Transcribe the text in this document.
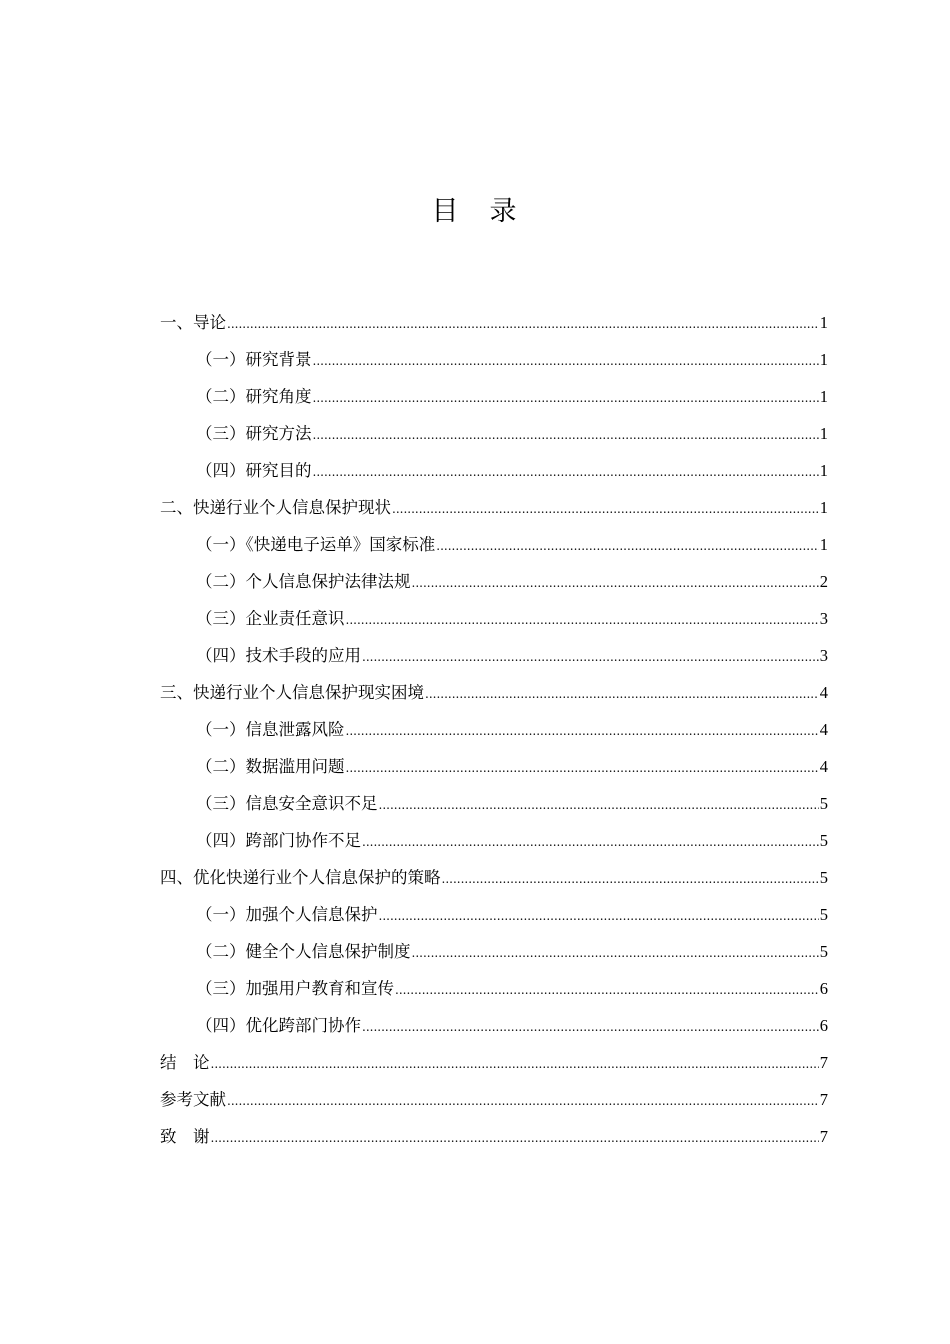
目　录
一、导论 .....	1
（一）研究背景 .....	1
（二）研究角度 .....	1
（三）研究方法 .....	1
（四）研究目的 .....	1
二、快递行业个人信息保护现状 .....	1
（一）《快递电子运单》国家标准 .....	1
（二）个人信息保护法律法规 .....	2
（三）企业责任意识 .....	3
（四）技术手段的应用 .....	3
三、快递行业个人信息保护现实困境 .....	4
（一）信息泄露风险 .....	4
（二）数据滥用问题 .....	4
（三）信息安全意识不足 .....	5
（四）跨部门协作不足 .....	5
四、优化快递行业个人信息保护的策略 .....	5
（一）加强个人信息保护 .....	5
（二）健全个人信息保护制度 .....	5
（三）加强用户教育和宣传 .....	6
（四）优化跨部门协作 .....	6
结　论 .....	7
参考文献 .....	7
致　谢 .....	7
